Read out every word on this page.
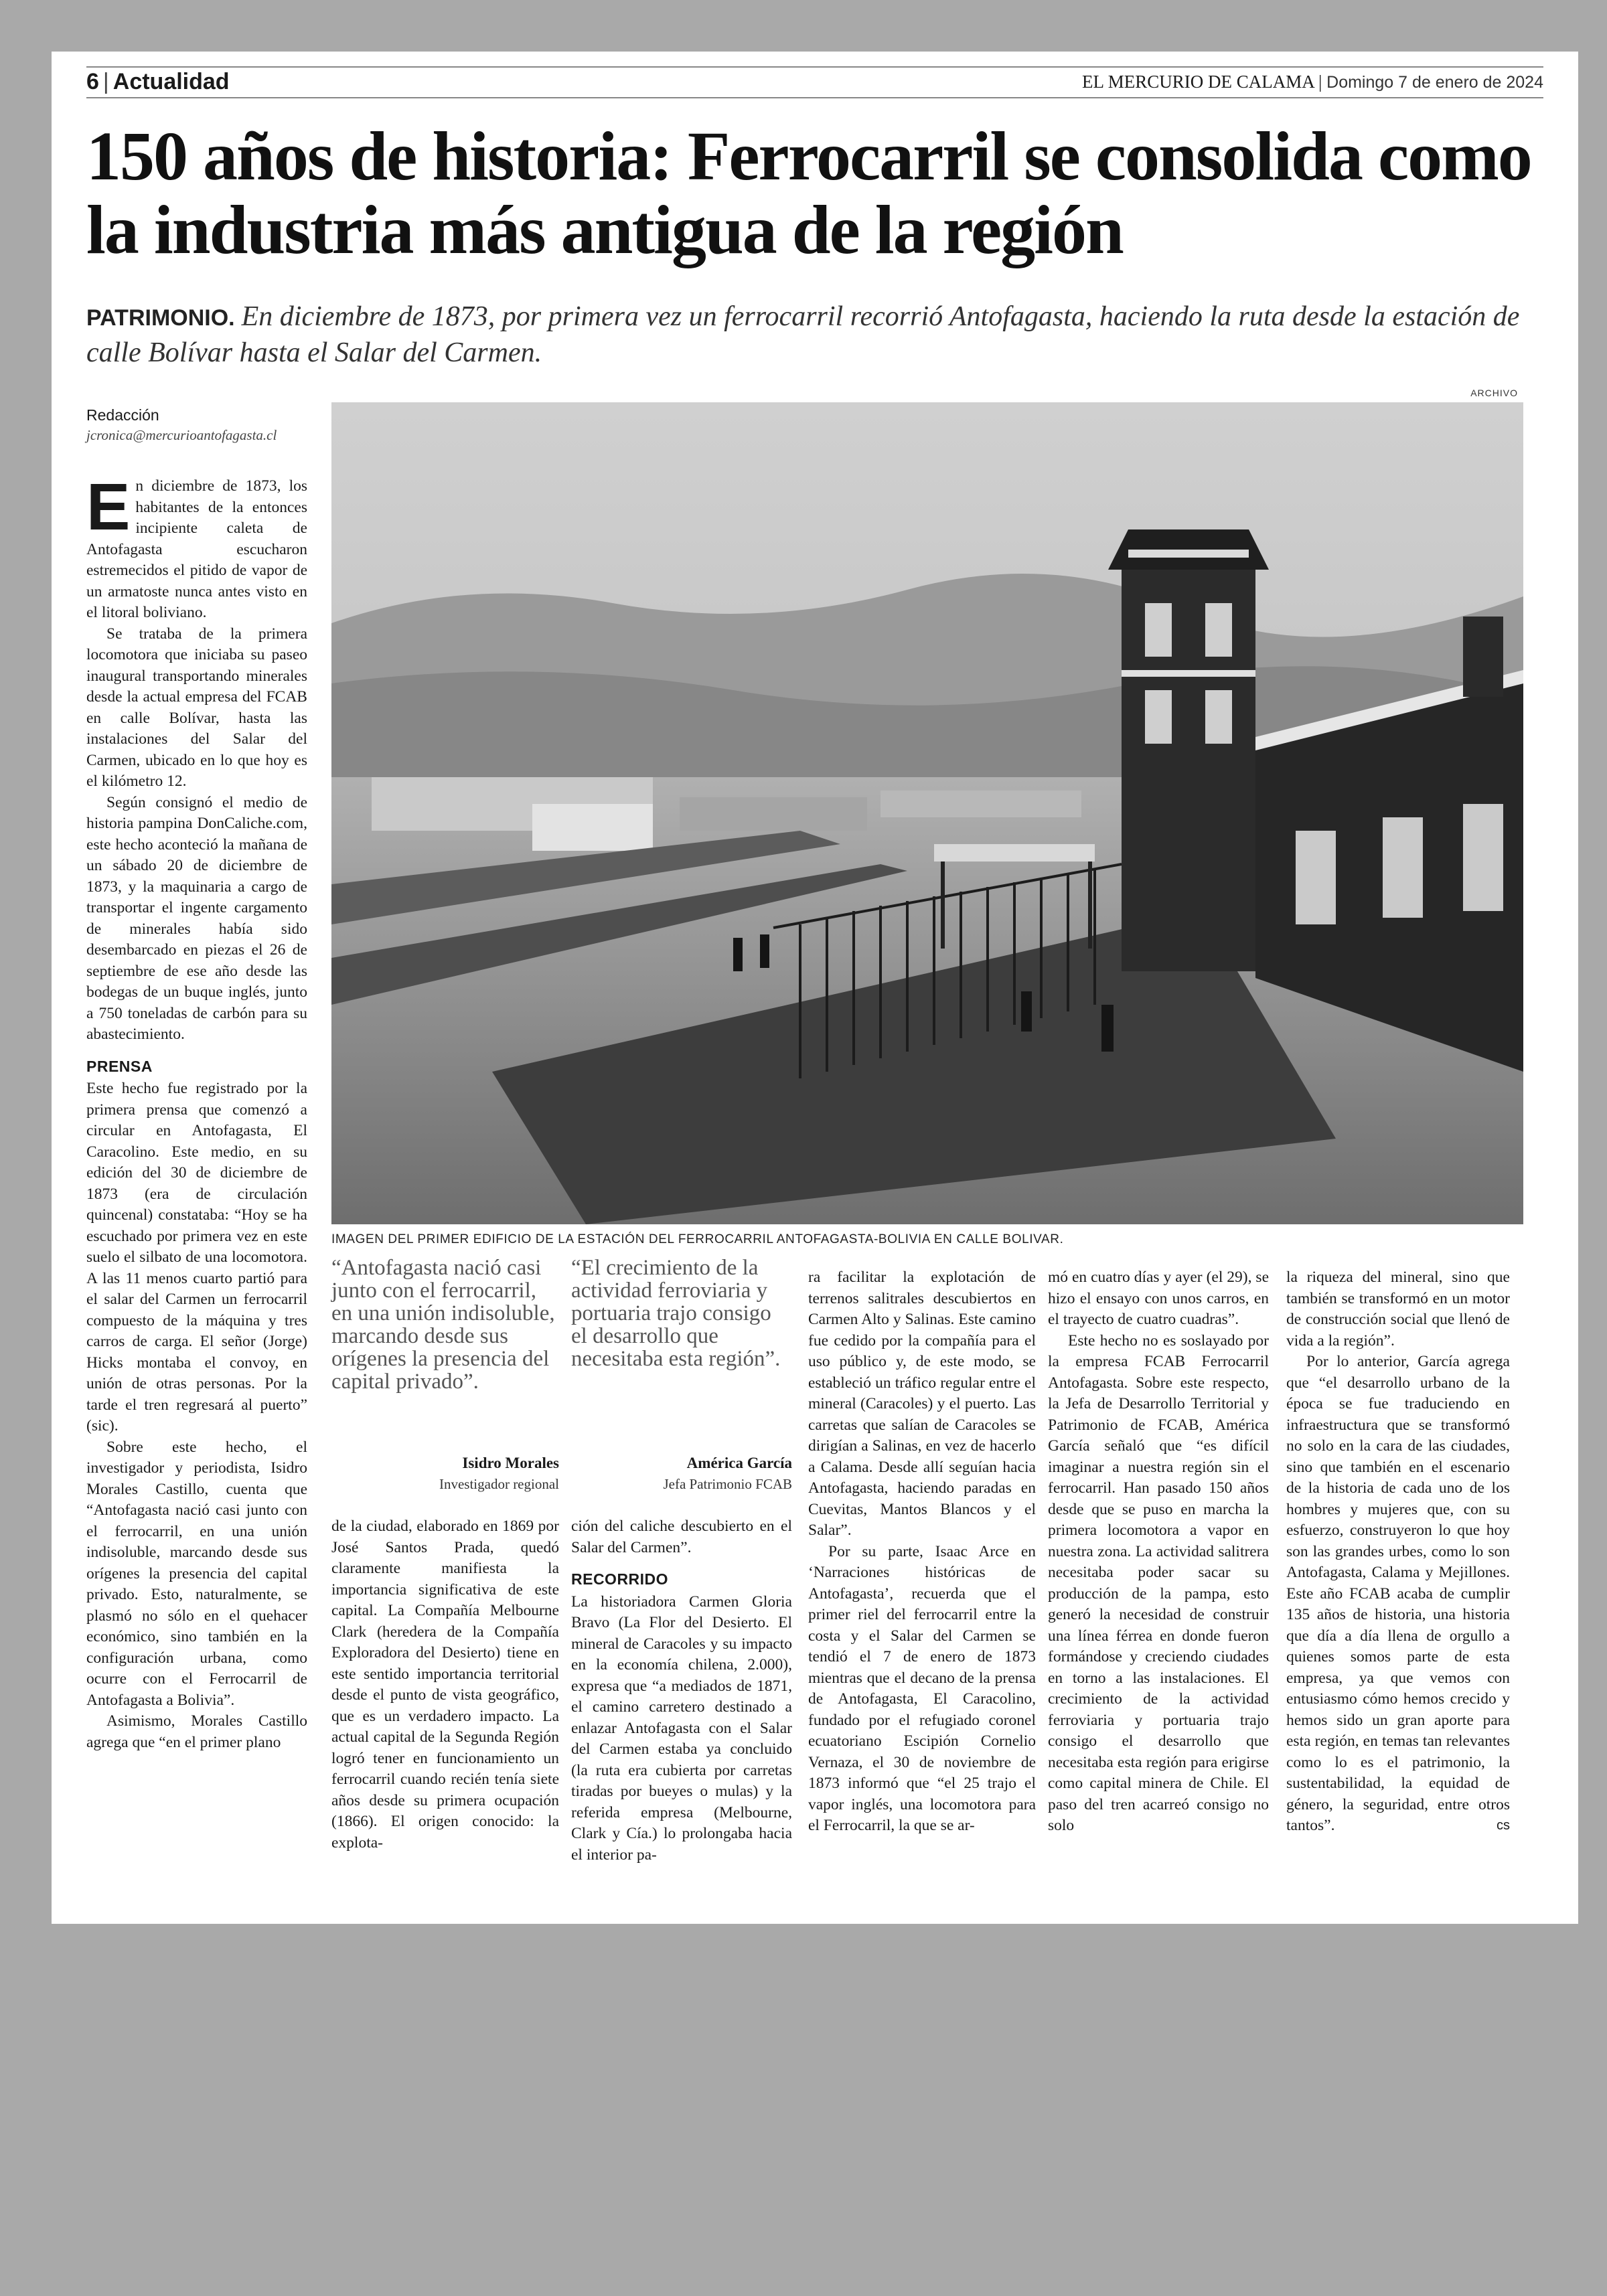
6 | Actualidad	EL MERCURIO DE CALAMA | Domingo 7 de enero de 2024
150 años de historia: Ferrocarril se consolida como la industria más antigua de la región
PATRIMONIO. En diciembre de 1873, por primera vez un ferrocarril recorrió Antofagasta, haciendo la ruta desde la estación de calle Bolívar hasta el Salar del Carmen.
ARCHIVO
Redacción
jcronica@mercurioantofagasta.cl
IMAGEN DEL PRIMER EDIFICIO DE LA ESTACIÓN DEL FERROCARRIL ANTOFAGASTA-BOLIVIA EN CALLE BOLIVAR.

En diciembre de 1873, los habitantes de la entonces incipiente caleta de Antofagasta escucharon estremecidos el pitido de vapor de un armatoste nunca antes visto en el litoral boliviano.

Se trataba de la primera locomotora que iniciaba su paseo inaugural transportando minerales desde la actual empresa del FCAB en calle Bolívar, hasta las instalaciones del Salar del Carmen, ubicado en lo que hoy es el kilómetro 12.

Según consignó el medio de historia pampina DonCaliche.com, este hecho aconteció la mañana de un sábado 20 de diciembre de 1873, y la maquinaria a cargo de transportar el ingente cargamento de minerales había sido desembarcado en piezas el 26 de septiembre de ese año desde las bodegas de un buque inglés, junto a 750 toneladas de carbón para su abastecimiento.

PRENSA

Este hecho fue registrado por la primera prensa que comenzó a circular en Antofagasta, El Caracolino. Este medio, en su edición del 30 de diciembre de 1873 (era de circulación quincenal) constataba: “Hoy se ha escuchado por primera vez en este suelo el silbato de una locomotora. A las 11 menos cuarto partió para el salar del Carmen un ferrocarril compuesto de la máquina y tres carros de carga. El señor (Jorge) Hicks montaba el convoy, en unión de otras personas. Por la tarde el tren regresará al puerto” (sic).

Sobre este hecho, el investigador y periodista, Isidro Morales Castillo, cuenta que “Antofagasta nació casi junto con el ferrocarril, en una unión indisoluble, marcando desde sus orígenes la presencia del capital privado. Esto, naturalmente, se plasmó no sólo en el quehacer económico, sino también en la configuración urbana, como ocurre con el Ferrocarril de Antofagasta a Bolivia”.

Asimismo, Morales Castillo agrega que “en el primer plano

“Antofagasta nació casi junto con el ferrocarril, en una unión indisoluble, marcando desde sus orígenes la presencia del capital privado”.
Isidro Morales
Investigador regional
“El crecimiento de la actividad ferroviaria y portuaria trajo consigo el desarrollo que necesitaba esta región”.
América García
Jefa Patrimonio FCAB

de la ciudad, elaborado en 1869 por José Santos Prada, quedó claramente manifiesta la importancia significativa de este capital. La Compañía Melbourne Clark (heredera de la Compañía Exploradora del Desierto) tiene en este sentido importancia territorial desde el punto de vista geográfico, que es un verdadero impacto. La actual capital de la Segunda Región logró tener en funcionamiento un ferrocarril cuando recién tenía siete años desde su primera ocupación (1866). El origen conocido: la explota-

ción del caliche descubierto en el Salar del Carmen”.

RECORRIDO

La historiadora Carmen Gloria Bravo (La Flor del Desierto. El mineral de Caracoles y su impacto en la economía chilena, 2.000), expresa que “a mediados de 1871, el camino carretero destinado a enlazar Antofagasta con el Salar del Carmen estaba ya concluido (la ruta era cubierta por carretas tiradas por bueyes o mulas) y la referida empresa (Melbourne, Clark y Cía.) lo prolongaba hacia el interior pa-

ra facilitar la explotación de terrenos salitrales descubiertos en Carmen Alto y Salinas. Este camino fue cedido por la compañía para el uso público y, de este modo, se estableció un tráfico regular entre el mineral (Caracoles) y el puerto. Las carretas que salían de Caracoles se dirigían a Salinas, en vez de hacerlo a Calama. Desde allí seguían hacia Antofagasta, haciendo paradas en Cuevitas, Mantos Blancos y el Salar”.

Por su parte, Isaac Arce en ‘Narraciones históricas de Antofagasta’, recuerda que el primer riel del ferrocarril entre la costa y el Salar del Carmen se tendió el 7 de enero de 1873 mientras que el decano de la prensa de Antofagasta, El Caracolino, fundado por el refugiado coronel ecuatoriano Escipión Cornelio Vernaza, el 30 de noviembre de 1873 informó que “el 25 trajo el vapor inglés, una locomotora para el Ferrocarril, la que se ar-

mó en cuatro días y ayer (el 29), se hizo el ensayo con unos carros, en el trayecto de cuatro cuadras”.

Este hecho no es soslayado por la empresa FCAB Ferrocarril Antofagasta. Sobre este respecto, la Jefa de Desarrollo Territorial y Patrimonio de FCAB, América García señaló que “es difícil imaginar a nuestra región sin el ferrocarril. Han pasado 150 años desde que se puso en marcha la primera locomotora a vapor en nuestra zona. La actividad salitrera necesitaba poder sacar su producción de la pampa, esto generó la necesidad de construir una línea férrea en donde fueron formándose y creciendo ciudades en torno a las instalaciones. El crecimiento de la actividad ferroviaria y portuaria trajo consigo el desarrollo que necesitaba esta región para erigirse como capital minera de Chile. El paso del tren acarreó consigo no solo

la riqueza del mineral, sino que también se transformó en un motor de construcción social que llenó de vida a la región”.

Por lo anterior, García agrega que “el desarrollo urbano de la época se fue traduciendo en infraestructura que se transformó no solo en la cara de las ciudades, sino que también en el escenario de la historia de cada uno de los hombres y mujeres que, con su esfuerzo, construyeron lo que hoy son las grandes urbes, como lo son Antofagasta, Calama y Mejillones. Este año FCAB acaba de cumplir 135 años de historia, una historia que día a día llena de orgullo a quienes somos parte de esta empresa, ya que vemos con entusiasmo cómo hemos crecido y hemos sido un gran aporte para esta región, en temas tan relevantes como lo es el patrimonio, la sustentabilidad, la equidad de género, la seguridad, entre otros tantos”.	cs
